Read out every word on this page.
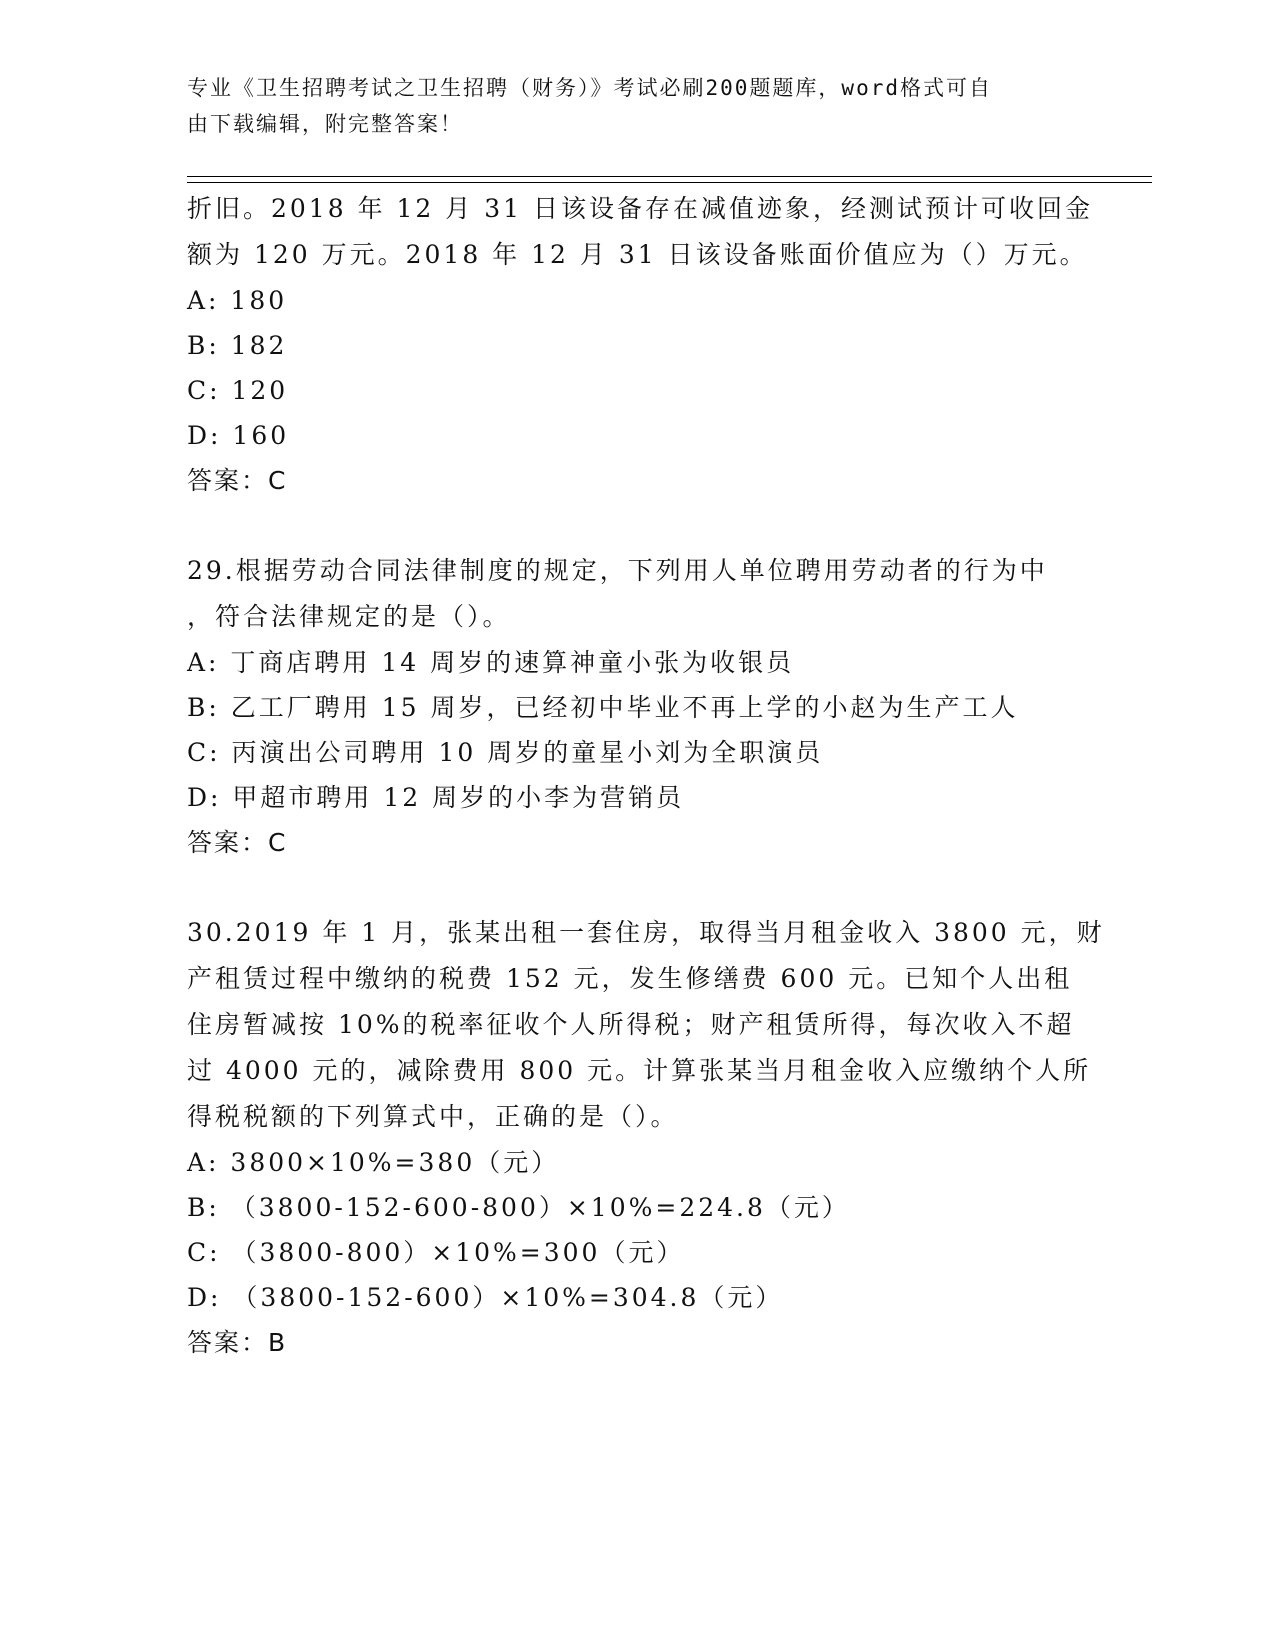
专业《卫生招聘考试之卫生招聘（财务）》考试必刷200题题库，word格式可自
由下载编辑，附完整答案！
折旧。2018 年 12 月 31 日该设备存在减值迹象，经测试预计可收回金
额为 120 万元。2018 年 12 月 31 日该设备账面价值应为（）万元。
A: 180
B: 182
C: 120
D: 160
答案：C
29.根据劳动合同法律制度的规定，下列用人单位聘用劳动者的行为中
，符合法律规定的是（）。
A: 丁商店聘用 14 周岁的速算神童小张为收银员
B: 乙工厂聘用 15 周岁，已经初中毕业不再上学的小赵为生产工人
C: 丙演出公司聘用 10 周岁的童星小刘为全职演员
D: 甲超市聘用 12 周岁的小李为营销员
答案：C
30.2019 年 1 月，张某出租一套住房，取得当月租金收入 3800 元，财
产租赁过程中缴纳的税费 152 元，发生修缮费 600 元。已知个人出租
住房暂减按 10%的税率征收个人所得税；财产租赁所得，每次收入不超
过 4000 元的，减除费用 800 元。计算张某当月租金收入应缴纳个人所
得税税额的下列算式中，正确的是（）。
A: 3800×10%=380（元）
B: （3800-152-600-800）×10%=224.8（元）
C: （3800-800）×10%=300（元）
D: （3800-152-600）×10%=304.8（元）
答案：B
